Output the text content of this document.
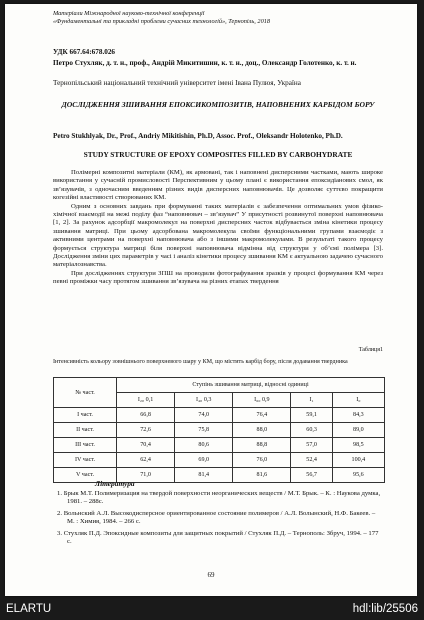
Матеріали Міжнародної науково-технічної конференції
«Фундаментальні та прикладні проблеми сучасних технологій», Тернопіль, 2018
УДК 667.64:678.026
Петро Стухляк, д. т. н., проф., Андрій Микитишин, к. т. н., доц., Олександр Голотенко, к. т. н.
Тернопільський національний технічний університет імені Івана Пулюя, Україна
ДОСЛІДЖЕННЯ ЗШИВАННЯ ЕПОКСИКОМПОЗИТІВ, НАПОВНЕНИХ КАРБІДОМ БОРУ
Petro Stukhlyak, Dr., Prof., Andriy Mikitishin, Ph.D, Assoc. Prof., Oleksandr Holotenko, Ph.D.
STUDY STRUCTURE OF EPOXY COMPOSITES FILLED BY CARBOHYDRATE

Полімерні композитні матеріали (КМ), як армовані, так і наповнені дисперсними частками, мають широке використання у сучасній промисловості Перспективним у цьому плані є використання епоксидіанових смол, як зв’язувачів, з одночасним введенням різних видів дисперсних наповнювачів. Це дозволяє суттєво покращити когезійні властивості створюваних КМ.

Одним з основних завдань при формуванні таких матеріалів є забезпечення оптимальних умов фізико-хімічної взаємодії на межі поділу фаз “наповнювач – зв’язувач” У присутності розвинутої поверхні наповнювача [1, 2]. За рахунок адсорбції макромолекул на поверхні дисперсних часток відбувається зміна кінетики процесу зшивання матриці. При цьому адсорбована макромолекула своїми функціональними групами взаємодіє з активними центрами на поверхні наповнювача або з іншими макромолекулами. В результаті такого процесу формується структура матриці біля поверхні наповнювача відмінна від структури у об’ємі полімера [3]. Дослідження зміни цих параметрів у часі і аналіз кінетики процесу зшивання КМ є актуальною задачею сучасного матеріалознавства.

При дослідженнях структури ЗПШ на проводили фотографування зразків у процесі формування КМ через певні проміжки часу протягом зшивання зв’язувача на різних етапах твердення

Таблиця1
Інтенсивність кольору зовнішнього поверхневого шару у КМ, що містить карбід бору, після додавання твердника
№ част.	Ступінь зшивання матриці, відносні одиниці				
	I₂₀ 0,1	I₄₀ 0,3	I₆₀ 0,9	I₁	I₀
I част.	66,8	74,0	76,4	59,1	84,3
II част.	72,6	75,8	88,0	60,3	89,0
III част.	70,4	80,6	88,8	57,0	98,5
IV част.	62,4	69,0	76,0	52,4	100,4
V част.	71,0	81,4	81,6	56,7	95,6
Література
1. Брык М.Т. Полимеризация на твердой поверхности неорганических веществ / М.Т. Брык. – К. : Наукова думка, 1981. – 288с.
2. Вольнский А.Л. Высокодисперсное ориентированное состояние полимеров / А.Л. Волынский, Н.Ф. Бакеев. – М. : Химия, 1984. – 266 с.
3. Стухляк П.Д. Эпоксидные композиты для защитных покрытий / Стухляк П.Д. – Тернополь: Збруч, 1994. – 177 с.
69
ELARTU	hdl:lib/25506
